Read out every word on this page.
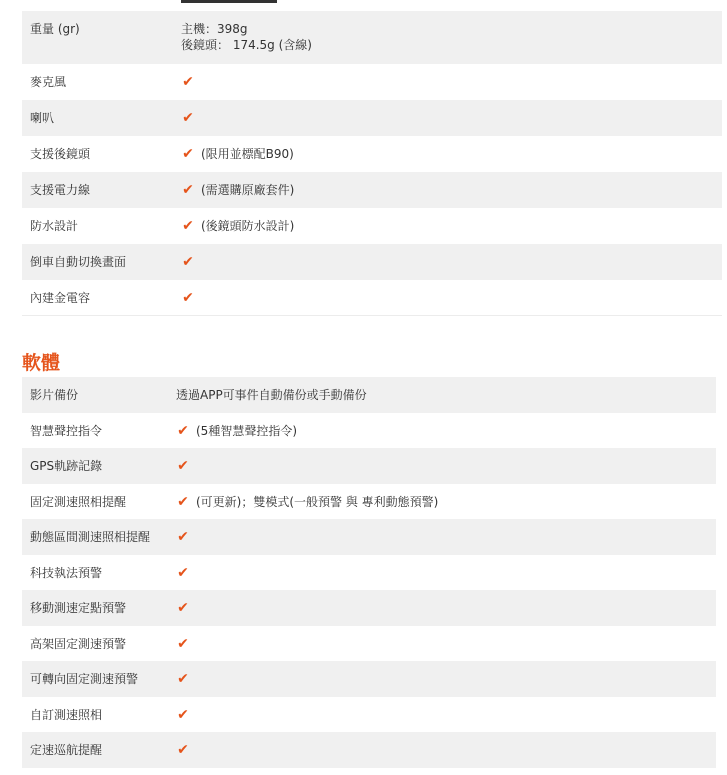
重量 (gr)	主機：398g
後鏡頭： 174.5g (含線)
麥克風	✔
喇叭	✔
支援後鏡頭	✔ (限用並標配B90)
支援電力線	✔ (需選購原廠套件)
防水設計	✔ (後鏡頭防水設計)
倒車自動切換畫面	✔
內建金電容	✔
軟體
影片備份	透過APP可事件自動備份或手動備份
智慧聲控指令	✔ (5種智慧聲控指令)
GPS軌跡記錄	✔
固定測速照相提醒	✔ (可更新)；雙模式(一般預警 與 專利動態預警)
動態區間測速照相提醒	✔
科技執法預警	✔
移動測速定點預警	✔
高架固定測速預警	✔
可轉向固定測速預警	✔
自訂測速照相	✔
定速巡航提醒	✔
